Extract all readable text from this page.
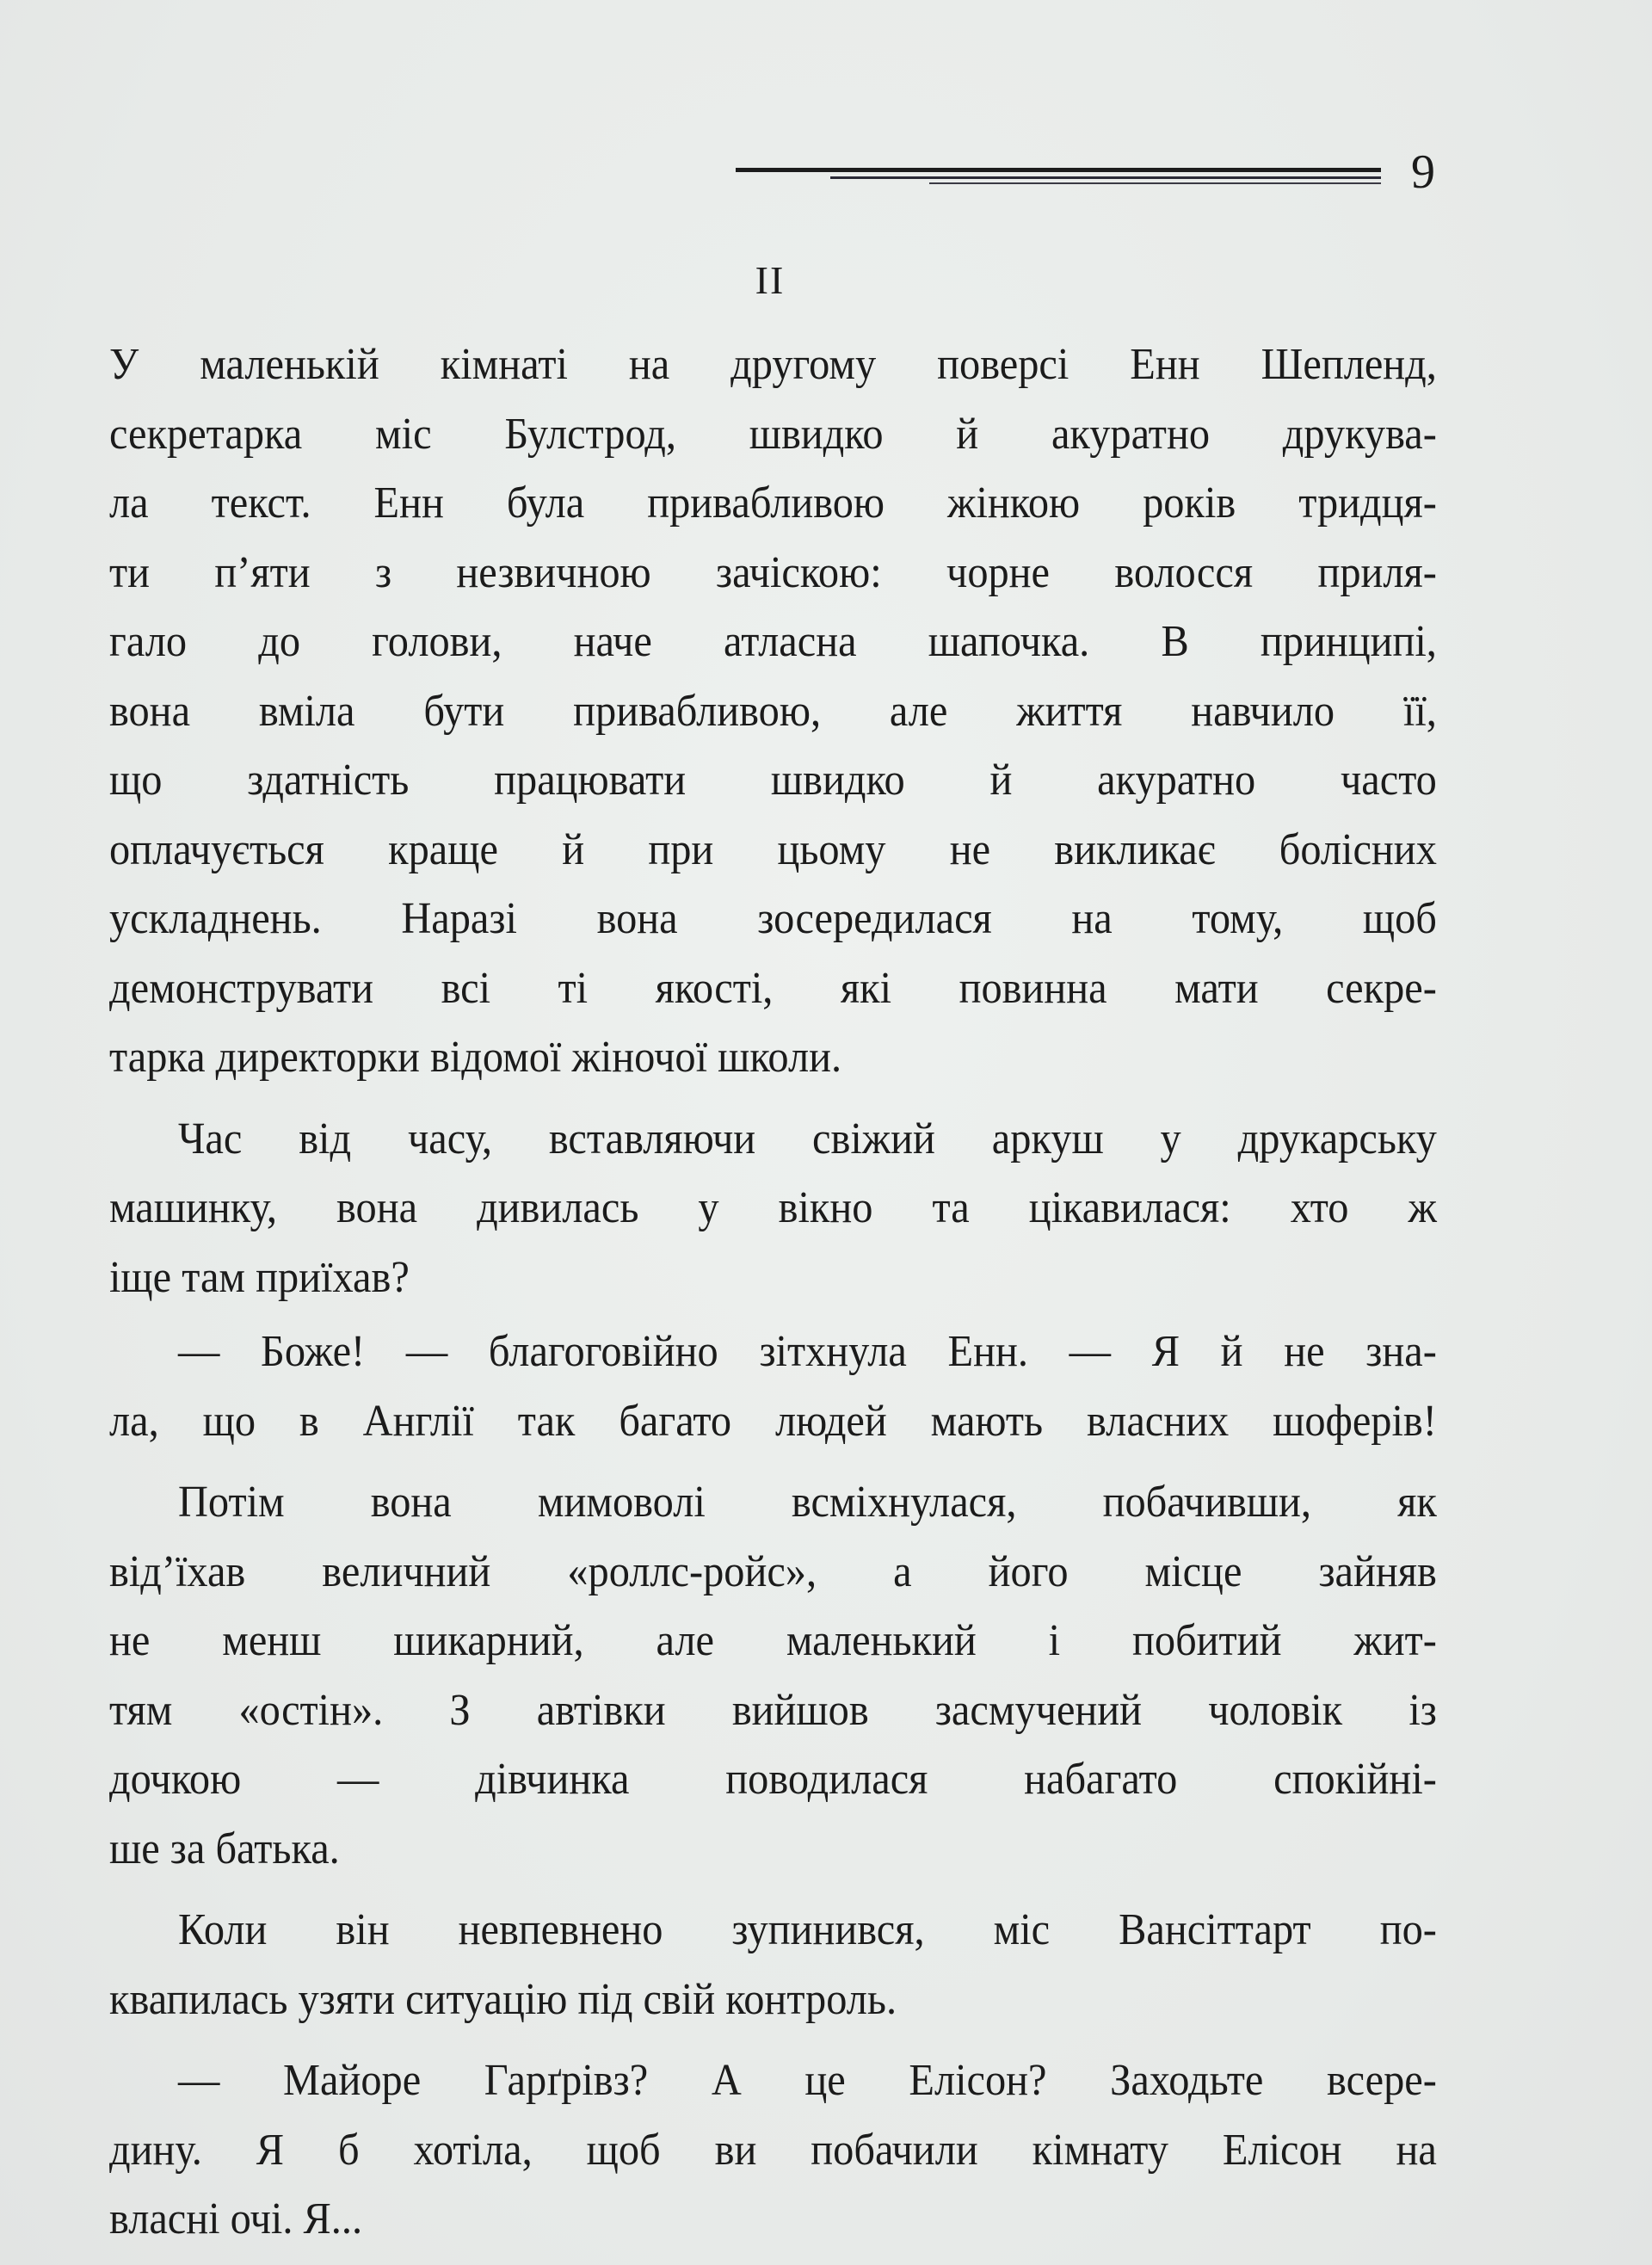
9
II

У маленькій кімнаті на другому поверсі Енн Шепленд,
секретарка міс Булстрод, швидко й акуратно друкува-
ла текст. Енн була привабливою жінкою років тридця-
ти п’яти з незвичною зачіскою: чорне волосся приля-
гало до голови, наче атласна шапочка. В принципі,
вона вміла бути привабливою, але життя навчило її,
що здатність працювати швидко й акуратно часто
оплачується краще й при цьому не викликає болісних
ускладнень. Наразі вона зосередилася на тому, щоб
демонструвати всі ті якості, які повинна мати секре-
тарка директорки відомої жіночої школи.

Час від часу, вставляючи свіжий аркуш у друкарську
машинку, вона дивилась у вікно та цікавилася: хто ж
іще там приїхав?

— Боже! — благоговійно зітхнула Енн. — Я й не зна-
ла, що в Англії так багато людей мають власних шоферів!

Потім вона мимоволі всміхнулася, побачивши, як
від’їхав величний «роллс-ройс», а його місце зайняв
не менш шикарний, але маленький і побитий жит-
тям «остін». З автівки вийшов засмучений чоловік із
дочкою — дівчинка поводилася набагато спокійні-
ше за батька.

Коли він невпевнено зупинився, міс Вансіттарт по-
квапилась узяти ситуацію під свій контроль.

— Майоре Гарґрівз? А це Елісон? Заходьте всере-
дину. Я б хотіла, щоб ви побачили кімнату Елісон на
власні очі. Я...
